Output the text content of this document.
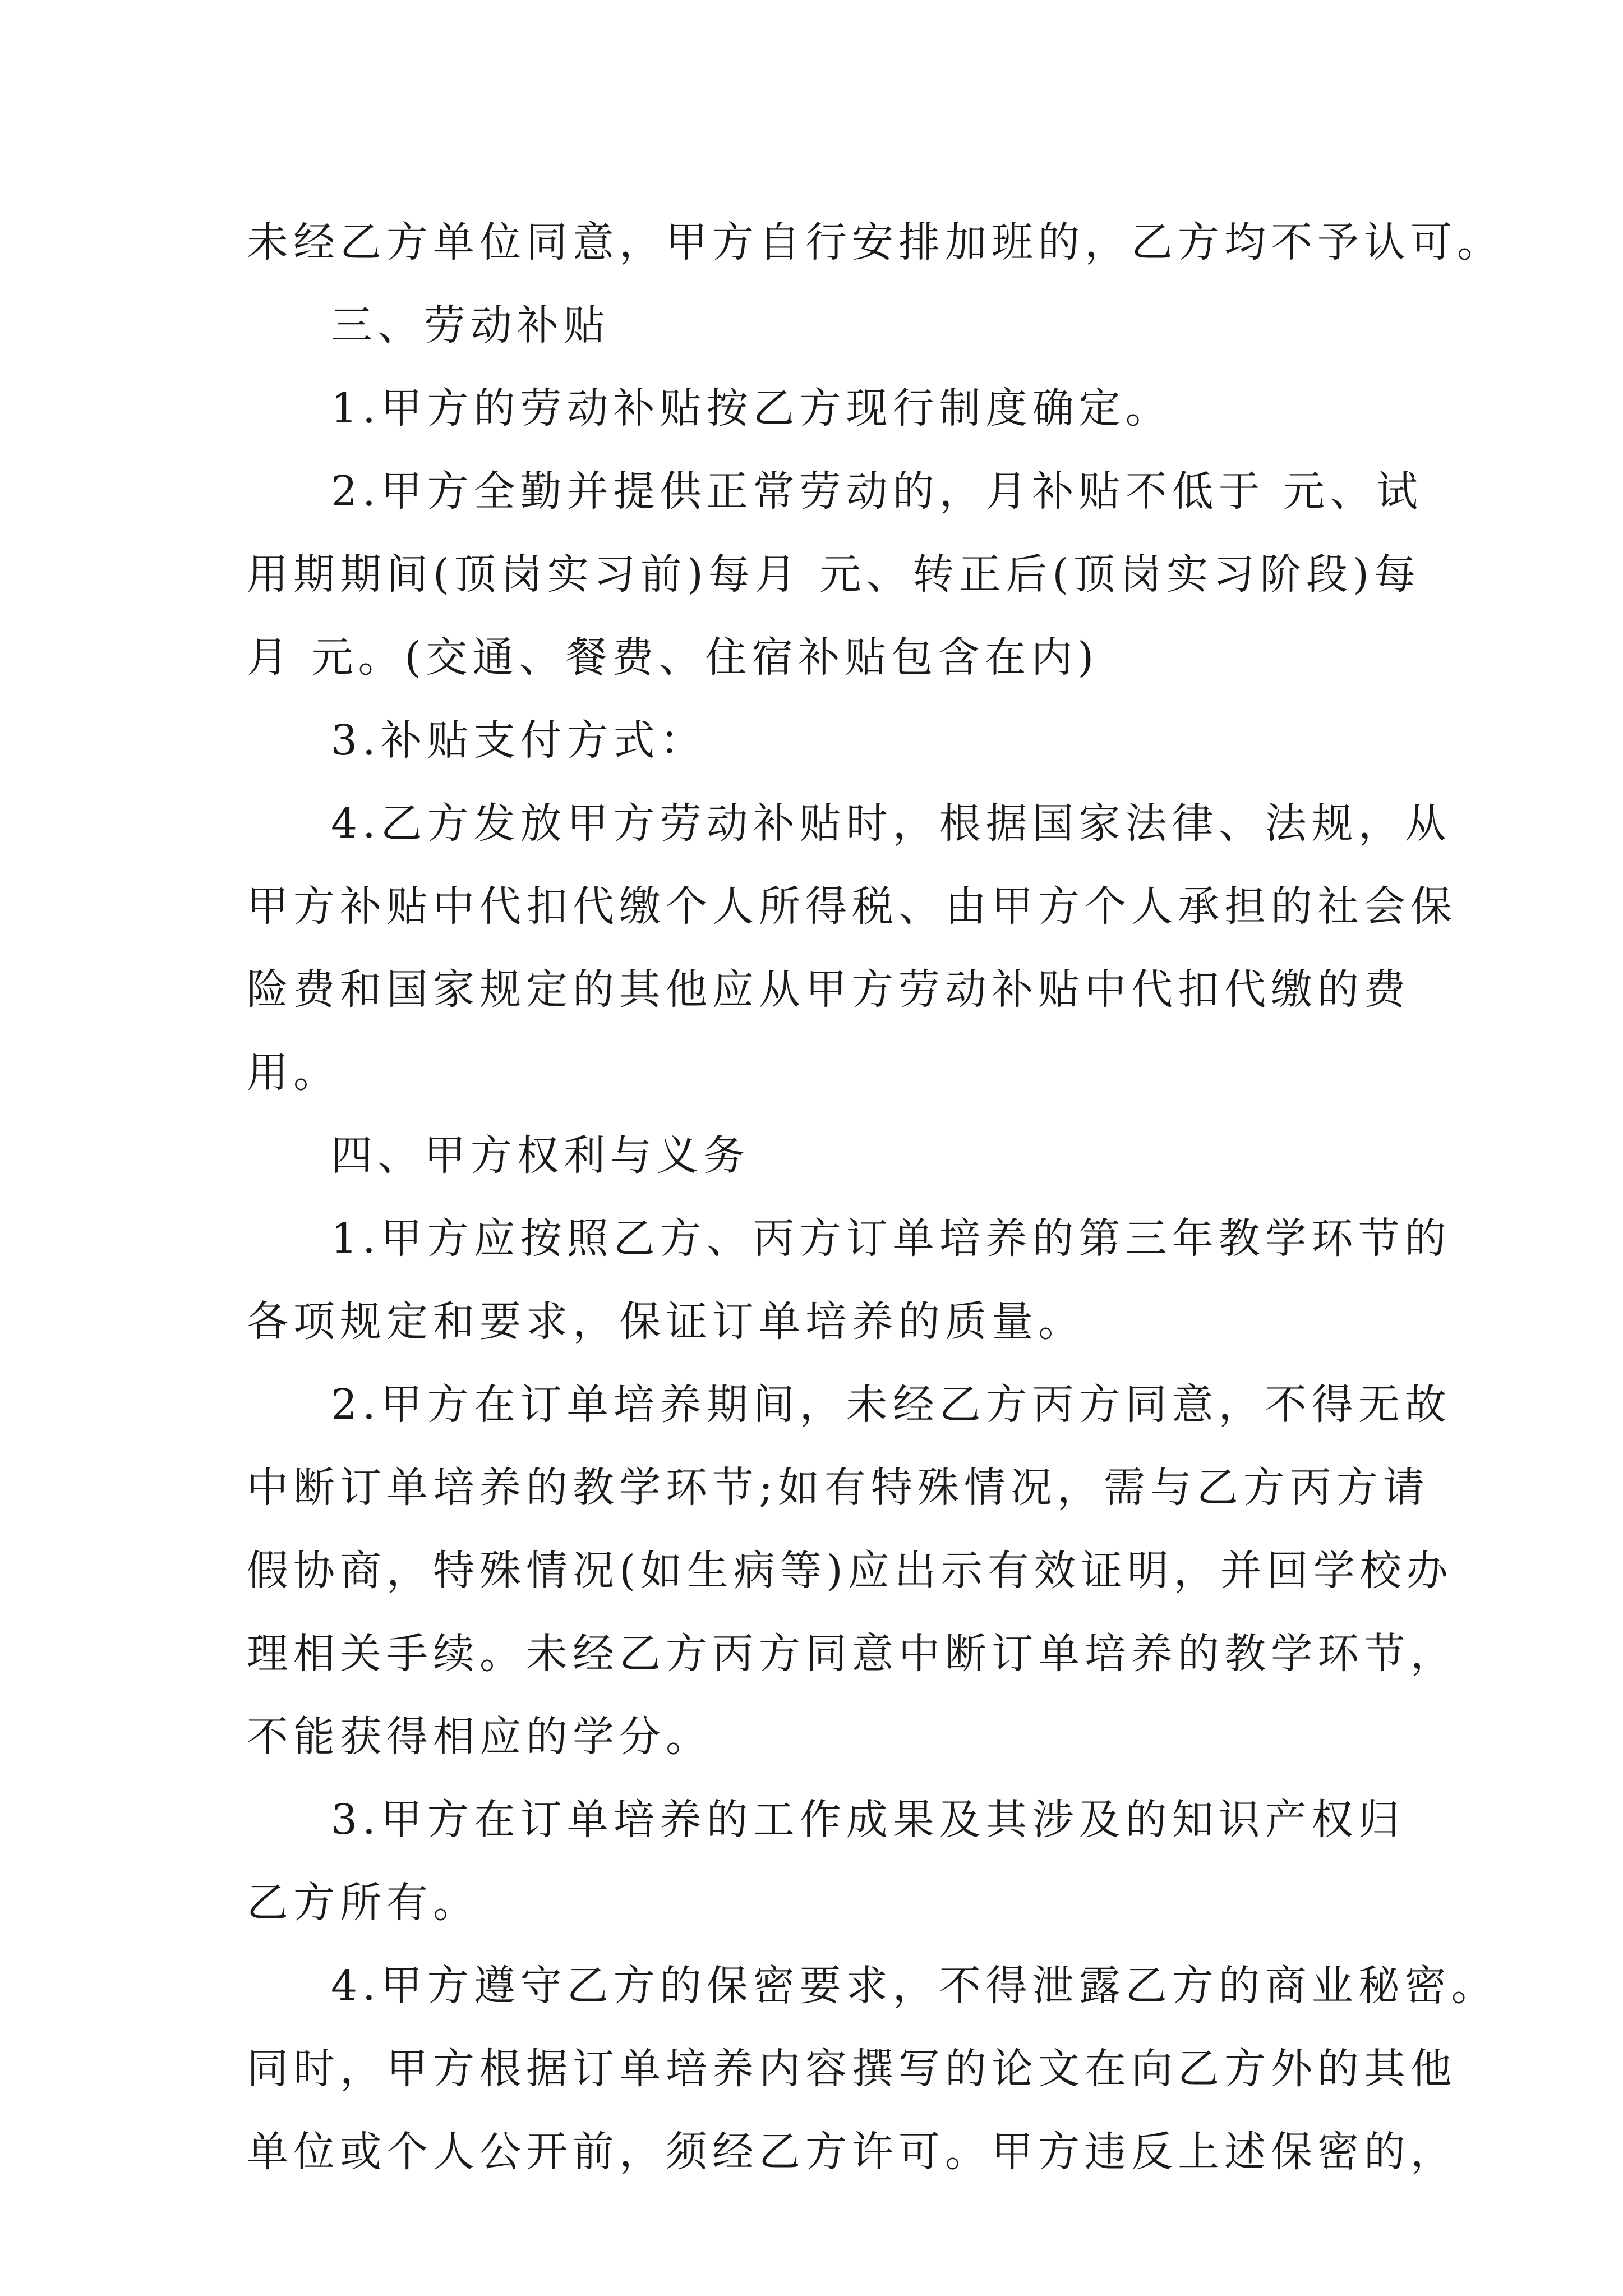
未经乙方单位同意，甲方自行安排加班的，乙方均不予认可。
三、劳动补贴
1.甲方的劳动补贴按乙方现行制度确定。
2.甲方全勤并提供正常劳动的，月补贴不低于 元、试
用期期间(顶岗实习前)每月 元、转正后(顶岗实习阶段)每
月 元。(交通、餐费、住宿补贴包含在内)
3.补贴支付方式：
4.乙方发放甲方劳动补贴时，根据国家法律、法规，从
甲方补贴中代扣代缴个人所得税、由甲方个人承担的社会保
险费和国家规定的其他应从甲方劳动补贴中代扣代缴的费
用。
四、甲方权利与义务
1.甲方应按照乙方、丙方订单培养的第三年教学环节的
各项规定和要求，保证订单培养的质量。
2.甲方在订单培养期间，未经乙方丙方同意，不得无故
中断订单培养的教学环节;如有特殊情况，需与乙方丙方请
假协商，特殊情况(如生病等)应出示有效证明，并回学校办
理相关手续。未经乙方丙方同意中断订单培养的教学环节，
不能获得相应的学分。
3.甲方在订单培养的工作成果及其涉及的知识产权归
乙方所有。
4.甲方遵守乙方的保密要求，不得泄露乙方的商业秘密。
同时，甲方根据订单培养内容撰写的论文在向乙方外的其他
单位或个人公开前，须经乙方许可。甲方违反上述保密的，
